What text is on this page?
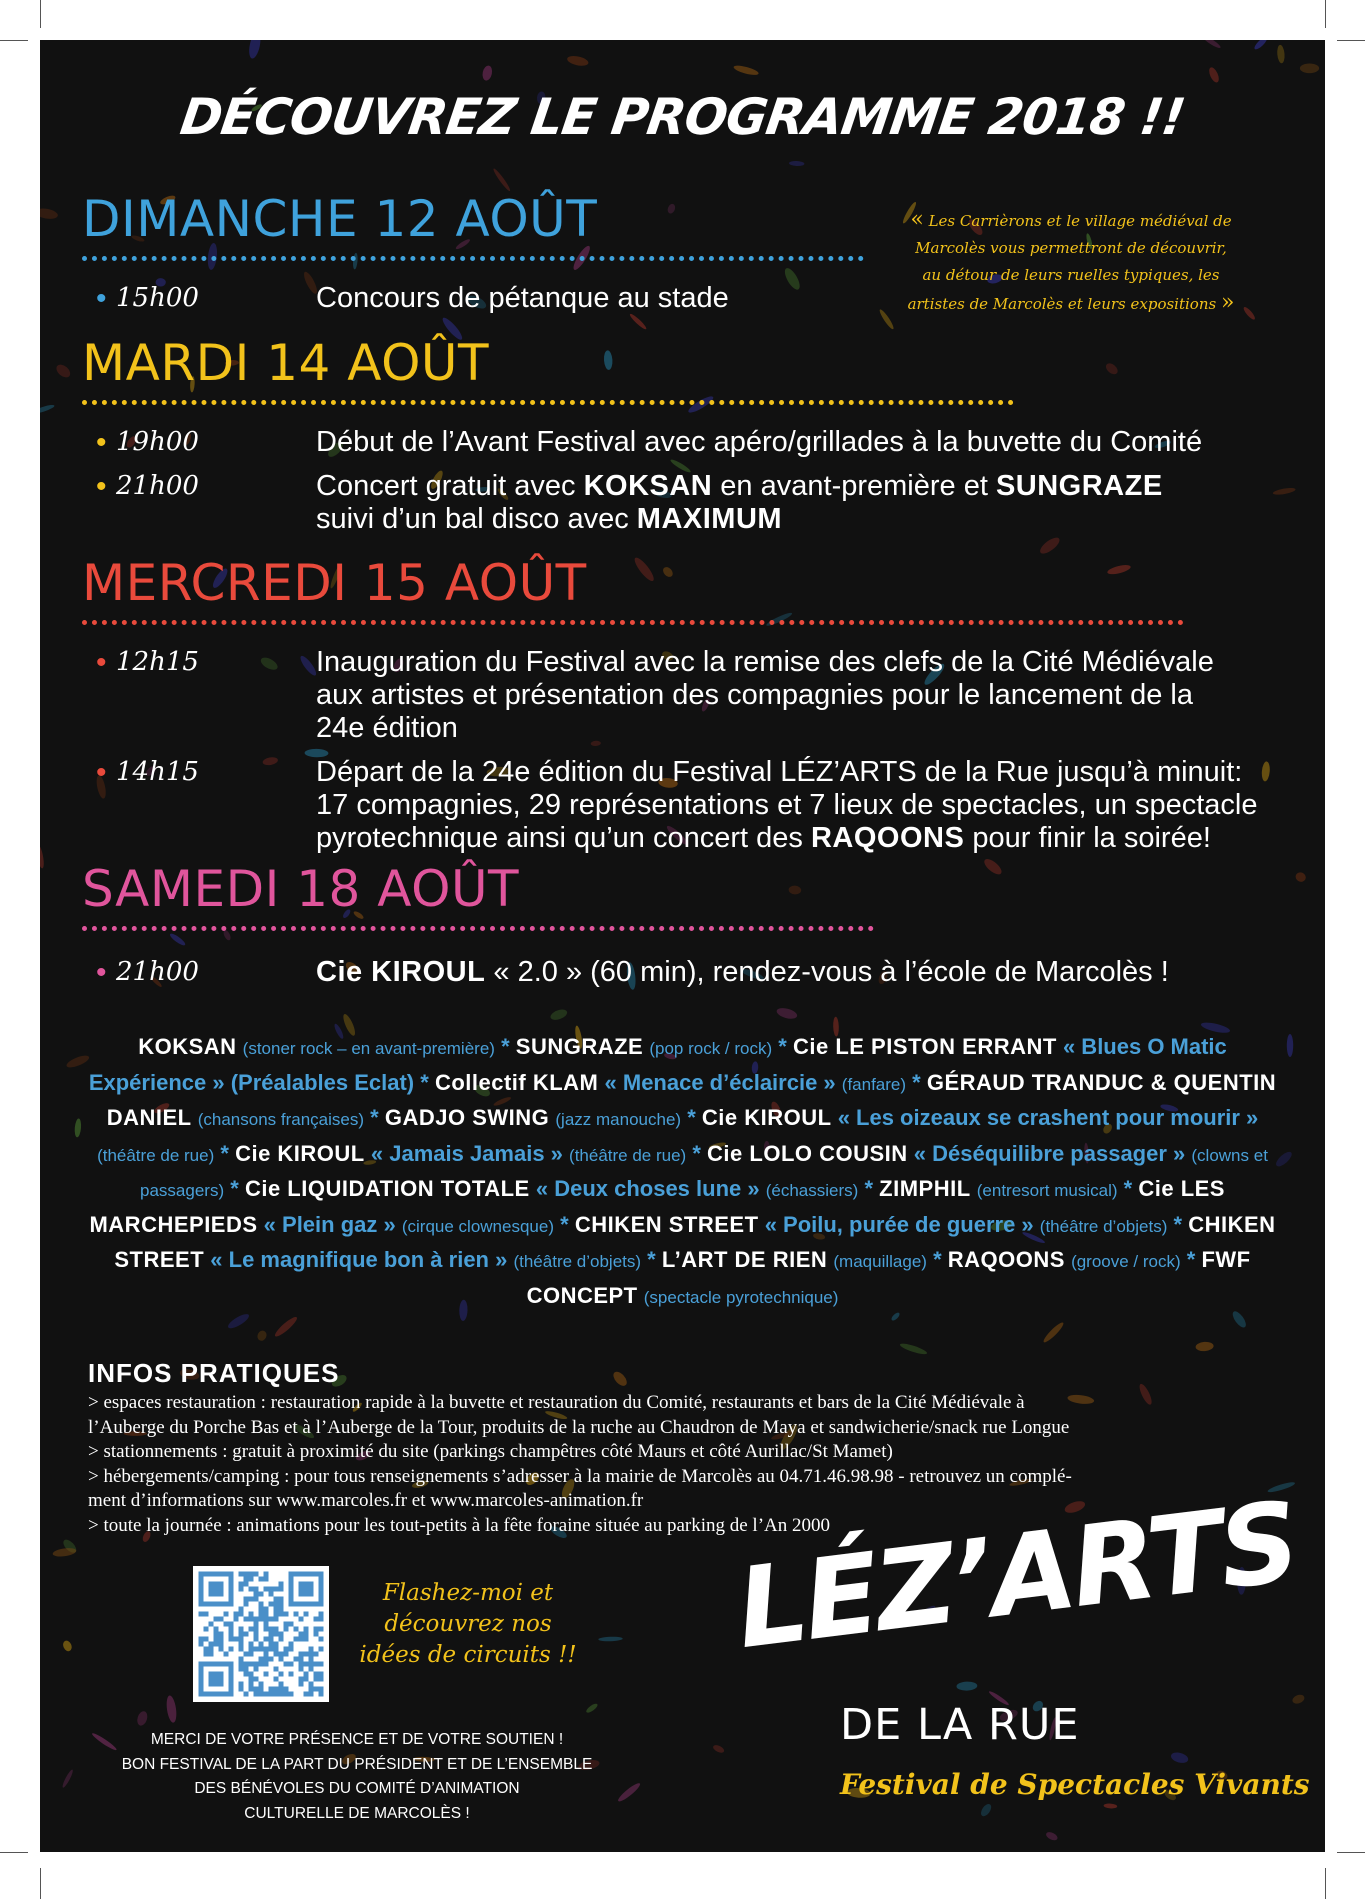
DÉCOUVREZ LE PROGRAMME 2018 !!
DIMANCHE 12 AOÛT
• 15h00	Concours de pétanque au stade
MARDI 14 AOÛT
• 19h00	Début de l’Avant Festival avec apéro/grillades à la buvette du Comité
• 21h00	Concert gratuit avec KOKSAN en avant-première et SUNGRAZE
suivi d’un bal disco avec MAXIMUM
MERCREDI 15 AOÛT
• 12h15	Inauguration du Festival avec la remise des clefs de la Cité Médiévale
aux artistes et présentation des compagnies pour le lancement de la
24e édition
• 14h15	Départ de la 24e édition du Festival LÉZ’ARTS de la Rue jusqu’à minuit:
17 compagnies, 29 représentations et 7 lieux de spectacles, un spectacle
pyrotechnique ainsi qu’un concert des RAQOONS pour finir la soirée!
SAMEDI 18 AOÛT
• 21h00	Cie KIROUL « 2.0 » (60 min), rendez-vous à l’école de Marcolès !
« Les Carrièrons et le village médiéval de Marcolès vous permettront de découvrir, au détour de leurs ruelles typiques, les artistes de Marcolès et leurs expositions »
KOKSAN (stoner rock – en avant-première) * SUNGRAZE (pop rock / rock) * Cie LE PISTON ERRANT « Blues O Matic Expérience » (Préalables Eclat) * Collectif KLAM « Menace d’éclaircie » (fanfare) * GÉRAUD TRANDUC & QUENTIN DANIEL (chansons françaises) * GADJO SWING (jazz manouche) * Cie KIROUL « Les oizeaux se crashent pour mourir » (théâtre de rue) * Cie KIROUL « Jamais Jamais » (théâtre de rue) * Cie LOLO COUSIN « Déséquilibre passager » (clowns et passagers) * Cie LIQUIDATION TOTALE « Deux choses lune » (échassiers) * ZIMPHIL (entresort musical) * Cie LES MARCHEPIEDS « Plein gaz » (cirque clownesque) * CHIKEN STREET « Poilu, purée de guerre » (théâtre d’objets) * CHIKEN STREET « Le magnifique bon à rien » (théâtre d’objets) * L’ART DE RIEN (maquillage) * RAQOONS (groove / rock) * FWF CONCEPT (spectacle pyrotechnique)
INFOS PRATIQUES
> espaces restauration : restauration rapide à la buvette et restauration du Comité, restaurants et bars de la Cité Médiévale à
l’Auberge du Porche Bas et à l’Auberge de la Tour, produits de la ruche au Chaudron de Maya et sandwicherie/snack rue Longue
> stationnements : gratuit à proximité du site (parkings champêtres côté Maurs et côté Aurillac/St Mamet)
> hébergements/camping : pour tous renseignements s’adresser à la mairie de Marcolès au 04.71.46.98.98 - retrouvez un complé-
ment d’informations sur www.marcoles.fr et www.marcoles-animation.fr
> toute la journée : animations pour les tout-petits à la fête foraine située au parking de l’An 2000
Flashez-moi et
découvrez nos
idées de circuits !!
MERCI DE VOTRE PRÉSENCE ET DE VOTRE SOUTIEN !
BON FESTIVAL DE LA PART DU PRÉSIDENT ET DE L’ENSEMBLE
DES BÉNÉVOLES DU COMITÉ D’ANIMATION
CULTURELLE DE MARCOLÈS !
LÉZ’ARTS
DE LA RUE
Festival de Spectacles Vivants
